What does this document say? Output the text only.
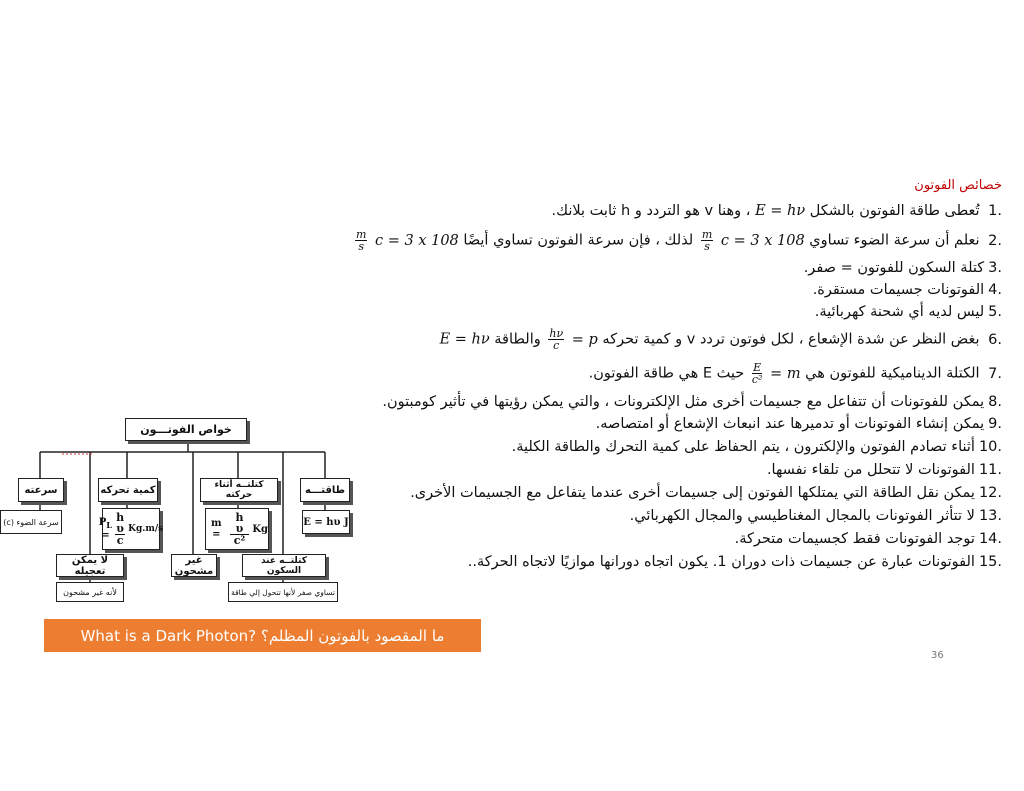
خصائص الفوتون
.1 تُعطى طاقة الفوتون بالشكل ‎E = hν ، وهنا v هو التردد و h ثابت بلانك.
.2 نعلم أن سرعة الضوء تساوي ‎c = 3 x 108
$\frac{m}{s}$
لذلك ، فإن سرعة الفوتون تساوي أيضًا ‎c = 3 x 108
$\frac{m}{s}$
.3كتلة السكون للفوتون = صفر.
.4الفوتونات جسيمات مستقرة.
.5ليس لديه أي شحنة كهربائية.
.6 بغض النظر عن شدة الإشعاع ، لكل فوتون تردد v و كمية تحركه ‎p =
$\frac{h\nu}{c}$
والطاقة ‎E = hν
.7 الكتلة الديناميكية للفوتون هي ‎m =
$\frac{E}{\text{c²}}$
حيث E هي طاقة الفوتون.
.8يمكن للفوتونات أن تتفاعل مع جسيمات أخرى مثل الإلكترونات ، والتي يمكن رؤيتها في تأثير كومبتون.
.9يمكن إنشاء الفوتونات أو تدميرها عند انبعاث الإشعاع أو امتصاصه.
.10أثناء تصادم الفوتون والإلكترون ، يتم الحفاظ على كمية التحرك والطاقة الكلية.
.11الفوتونات لا تتحلل من تلقاء نفسها.
.12يمكن نقل الطاقة التي يمتلكها الفوتون إلى جسيمات أخرى عندما يتفاعل مع الجسيمات الأخرى.
.13لا تتأثر الفوتونات بالمجال المغناطيسي والمجال الكهربائي.
.14توجد الفوتونات فقط كجسيمات متحركة.
.15الفوتونات عبارة عن جسيمات ذات دوران 1. يكون اتجاه دورانها موازيًا لاتجاه الحركة..
خواص الفوتـــون
سرعته	كمية تحركه	كتلتــه أثناء حركته	طاقتـــه
سرعة الضوء (c)	$P_L = \frac{\text{h υ}}{c} Kg.m/s$	$m = \frac{\text{h υ}}{\text{c²}}$ Kg
E = hυ J
لا يمكن تعجيله
غير مشحون
كتلتــه عند السكون
لأنه غير مشحون	تساوي صفر لأنها تتحول إلي طاقة
What is a Dark Photon? ما المقصود بالفوتون المظلم؟
36
